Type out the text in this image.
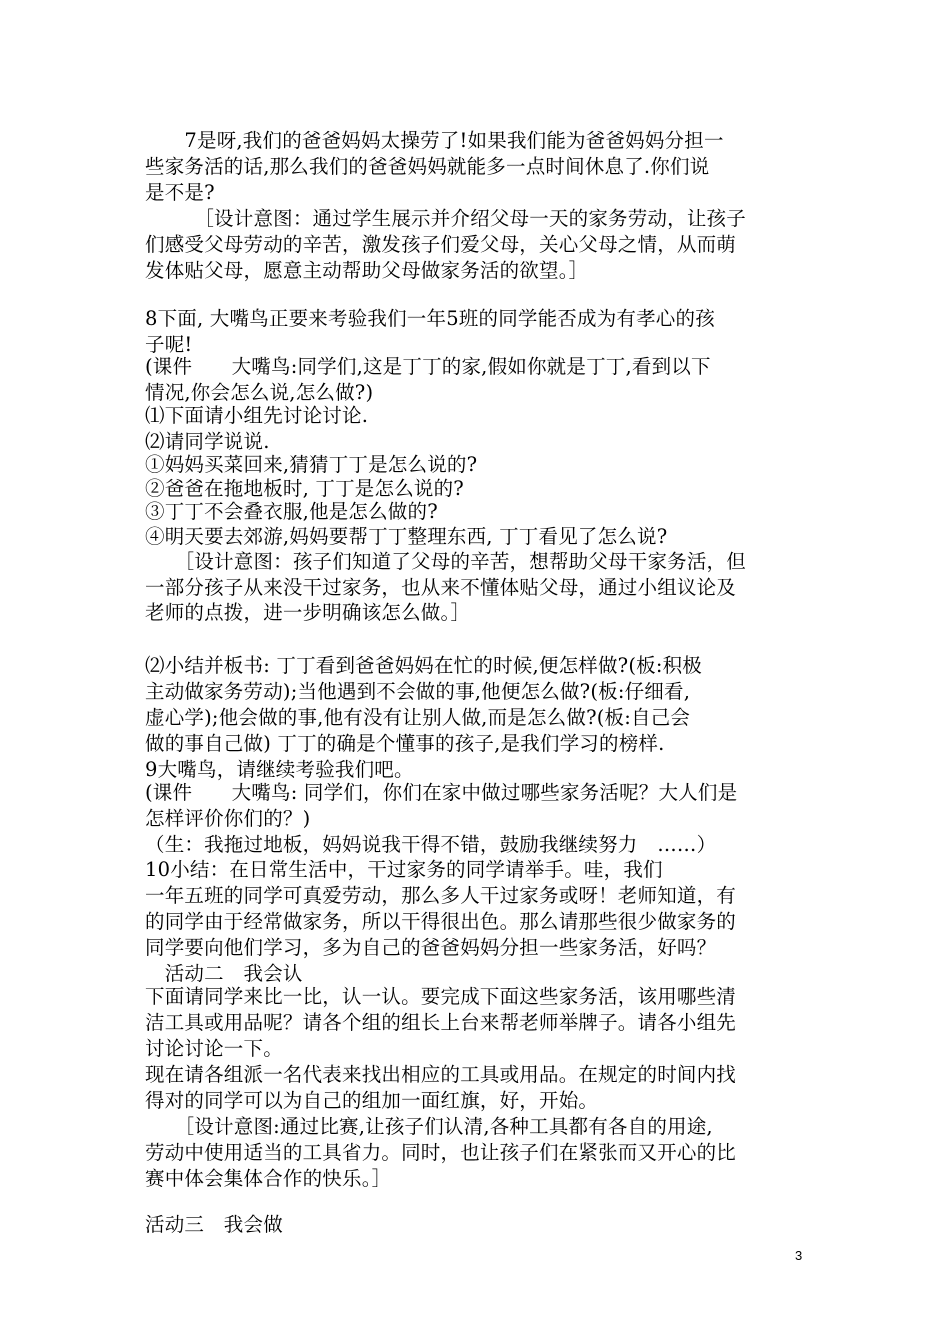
　　7是呀,我们的爸爸妈妈太操劳了!如果我们能为爸爸妈妈分担一
些家务活的话,那么我们的爸爸妈妈就能多一点时间休息了.你们说
是不是?
　　　［设计意图：通过学生展示并介绍父母一天的家务劳动，让孩子
们感受父母劳动的辛苦，激发孩子们爱父母，关心父母之情，从而萌
发体贴父母，愿意主动帮助父母做家务活的欲望。］
8下面, 大嘴鸟正要来考验我们一年5班的同学能否成为有孝心的孩
子呢!
(课件　　大嘴鸟:同学们,这是丁丁的家,假如你就是丁丁,看到以下
情况,你会怎么说,怎么做?)
⑴下面请小组先讨论讨论.
⑵请同学说说.
①妈妈买菜回来,猜猜丁丁是怎么说的?
②爸爸在拖地板时, 丁丁是怎么说的?
③丁丁不会叠衣服,他是怎么做的?
④明天要去郊游,妈妈要帮丁丁整理东西, 丁丁看见了怎么说?
　　［设计意图：孩子们知道了父母的辛苦，想帮助父母干家务活，但
一部分孩子从来没干过家务，也从来不懂体贴父母，通过小组议论及
老师的点拨，进一步明确该怎么做。］
⑵小结并板书: 丁丁看到爸爸妈妈在忙的时候,便怎样做?(板:积极
主动做家务劳动);当他遇到不会做的事,他便怎么做?(板:仔细看,
虚心学);他会做的事,他有没有让别人做,而是怎么做?(板:自己会
做的事自己做) 丁丁的确是个懂事的孩子,是我们学习的榜样.
9大嘴鸟，请继续考验我们吧。
(课件　　大嘴鸟: 同学们，你们在家中做过哪些家务活呢？大人们是
怎样评价你们的？)
（生：我拖过地板，妈妈说我干得不错，鼓励我继续努力　……）
10小结：在日常生活中，干过家务的同学请举手。哇，我们
一年五班的同学可真爱劳动，那么多人干过家务或呀！老师知道，有
的同学由于经常做家务，所以干得很出色。那么请那些很少做家务的
同学要向他们学习，多为自己的爸爸妈妈分担一些家务活，好吗？
　活动二　我会认
下面请同学来比一比，认一认。要完成下面这些家务活，该用哪些清
洁工具或用品呢？请各个组的组长上台来帮老师举牌子。请各小组先
讨论讨论一下。
现在请各组派一名代表来找出相应的工具或用品。在规定的时间内找
得对的同学可以为自己的组加一面红旗，好，开始。
　　［设计意图:通过比赛,让孩子们认清,各种工具都有各自的用途,
劳动中使用适当的工具省力。同时，也让孩子们在紧张而又开心的比
赛中体会集体合作的快乐。］
活动三　我会做
3
